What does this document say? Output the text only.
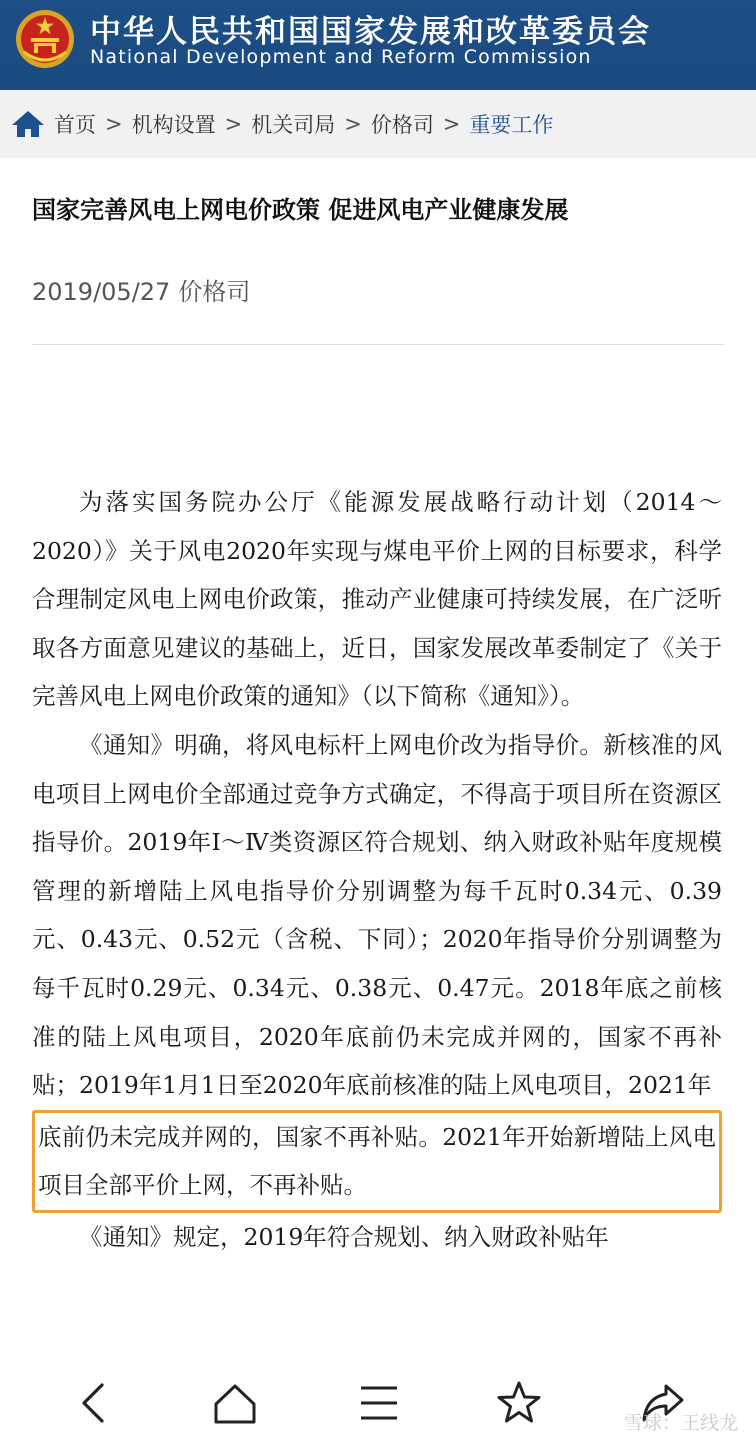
中华人民共和国国家发展和改革委员会
National Development and Reform Commission
首页 > 机构设置 > 机关司局 > 价格司 > 重要工作
国家完善风电上网电价政策 促进风电产业健康发展
2019/05/27 价格司

为落实国务院办公厅《能源发展战略行动计划（2014～2020）》关于风电2020年实现与煤电平价上网的目标要求，科学合理制定风电上网电价政策，推动产业健康可持续发展，在广泛听取各方面意见建议的基础上，近日，国家发展改革委制定了《关于完善风电上网电价政策的通知》（以下简称《通知》）。

《通知》明确，将风电标杆上网电价改为指导价。新核准的风电项目上网电价全部通过竞争方式确定，不得高于项目所在资源区指导价。2019年Ⅰ～Ⅳ类资源区符合规划、纳入财政补贴年度规模管理的新增陆上风电指导价分别调整为每千瓦时0.34元、0.39元、0.43元、0.52元（含税、下同）；2020年指导价分别调整为每千瓦时0.29元、0.34元、0.38元、0.47元。2018年底之前核准的陆上风电项目，2020年底前仍未完成并网的，国家不再补贴；2019年1月1日至2020年底前核准的陆上风电项目，2021年

底前仍未完成并网的，国家不再补贴。2021年开始新增陆上风电项目全部平价上网，不再补贴。

《通知》规定，2019年符合规划、纳入财政补贴年

雪球：王线龙
